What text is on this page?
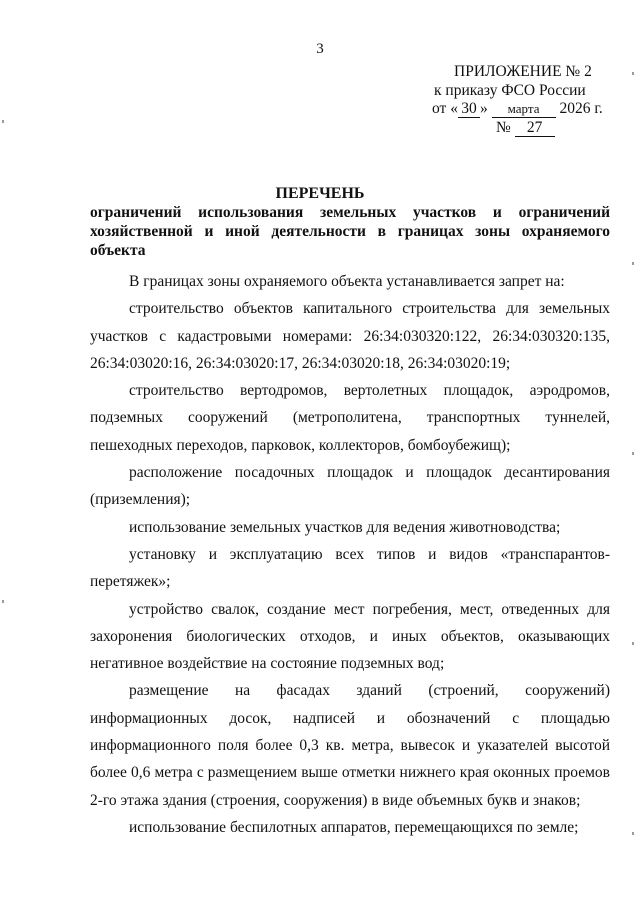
3
ПРИЛОЖЕНИЕ № 2
к приказу ФСО России
от « 30 » марта 2026 г.
№ 27
ПЕРЕЧЕНЬ
ограничений использования земельных участков и ограничений
хозяйственной и иной деятельности в границах зоны охраняемого объекта

В границах зоны охраняемого объекта устанавливается запрет на:

строительство объектов капитального строительства для земельных участков с кадастровыми номерами: 26:34:030320:122, 26:34:030320:135, 26:34:03020:16, 26:34:03020:17, 26:34:03020:18, 26:34:03020:19;

строительство вертодромов, вертолетных площадок, аэродромов, подземных сооружений (метрополитена, транспортных туннелей, пешеходных переходов, парковок, коллекторов, бомбоубежищ);

расположение посадочных площадок и площадок десантирования (приземления);

использование земельных участков для ведения животноводства;

установку и эксплуатацию всех типов и видов «транспарантов-перетяжек»;

устройство свалок, создание мест погребения, мест, отведенных для захоронения биологических отходов, и иных объектов, оказывающих негативное воздействие на состояние подземных вод;

размещение на фасадах зданий (строений, сооружений) информационных досок, надписей и обозначений с площадью информационного поля более 0,3 кв. метра, вывесок и указателей высотой более 0,6 метра с размещением выше отметки нижнего края оконных проемов 2-го этажа здания (строения, сооружения) в виде объемных букв и знаков;

использование беспилотных аппаратов, перемещающихся по земле;
